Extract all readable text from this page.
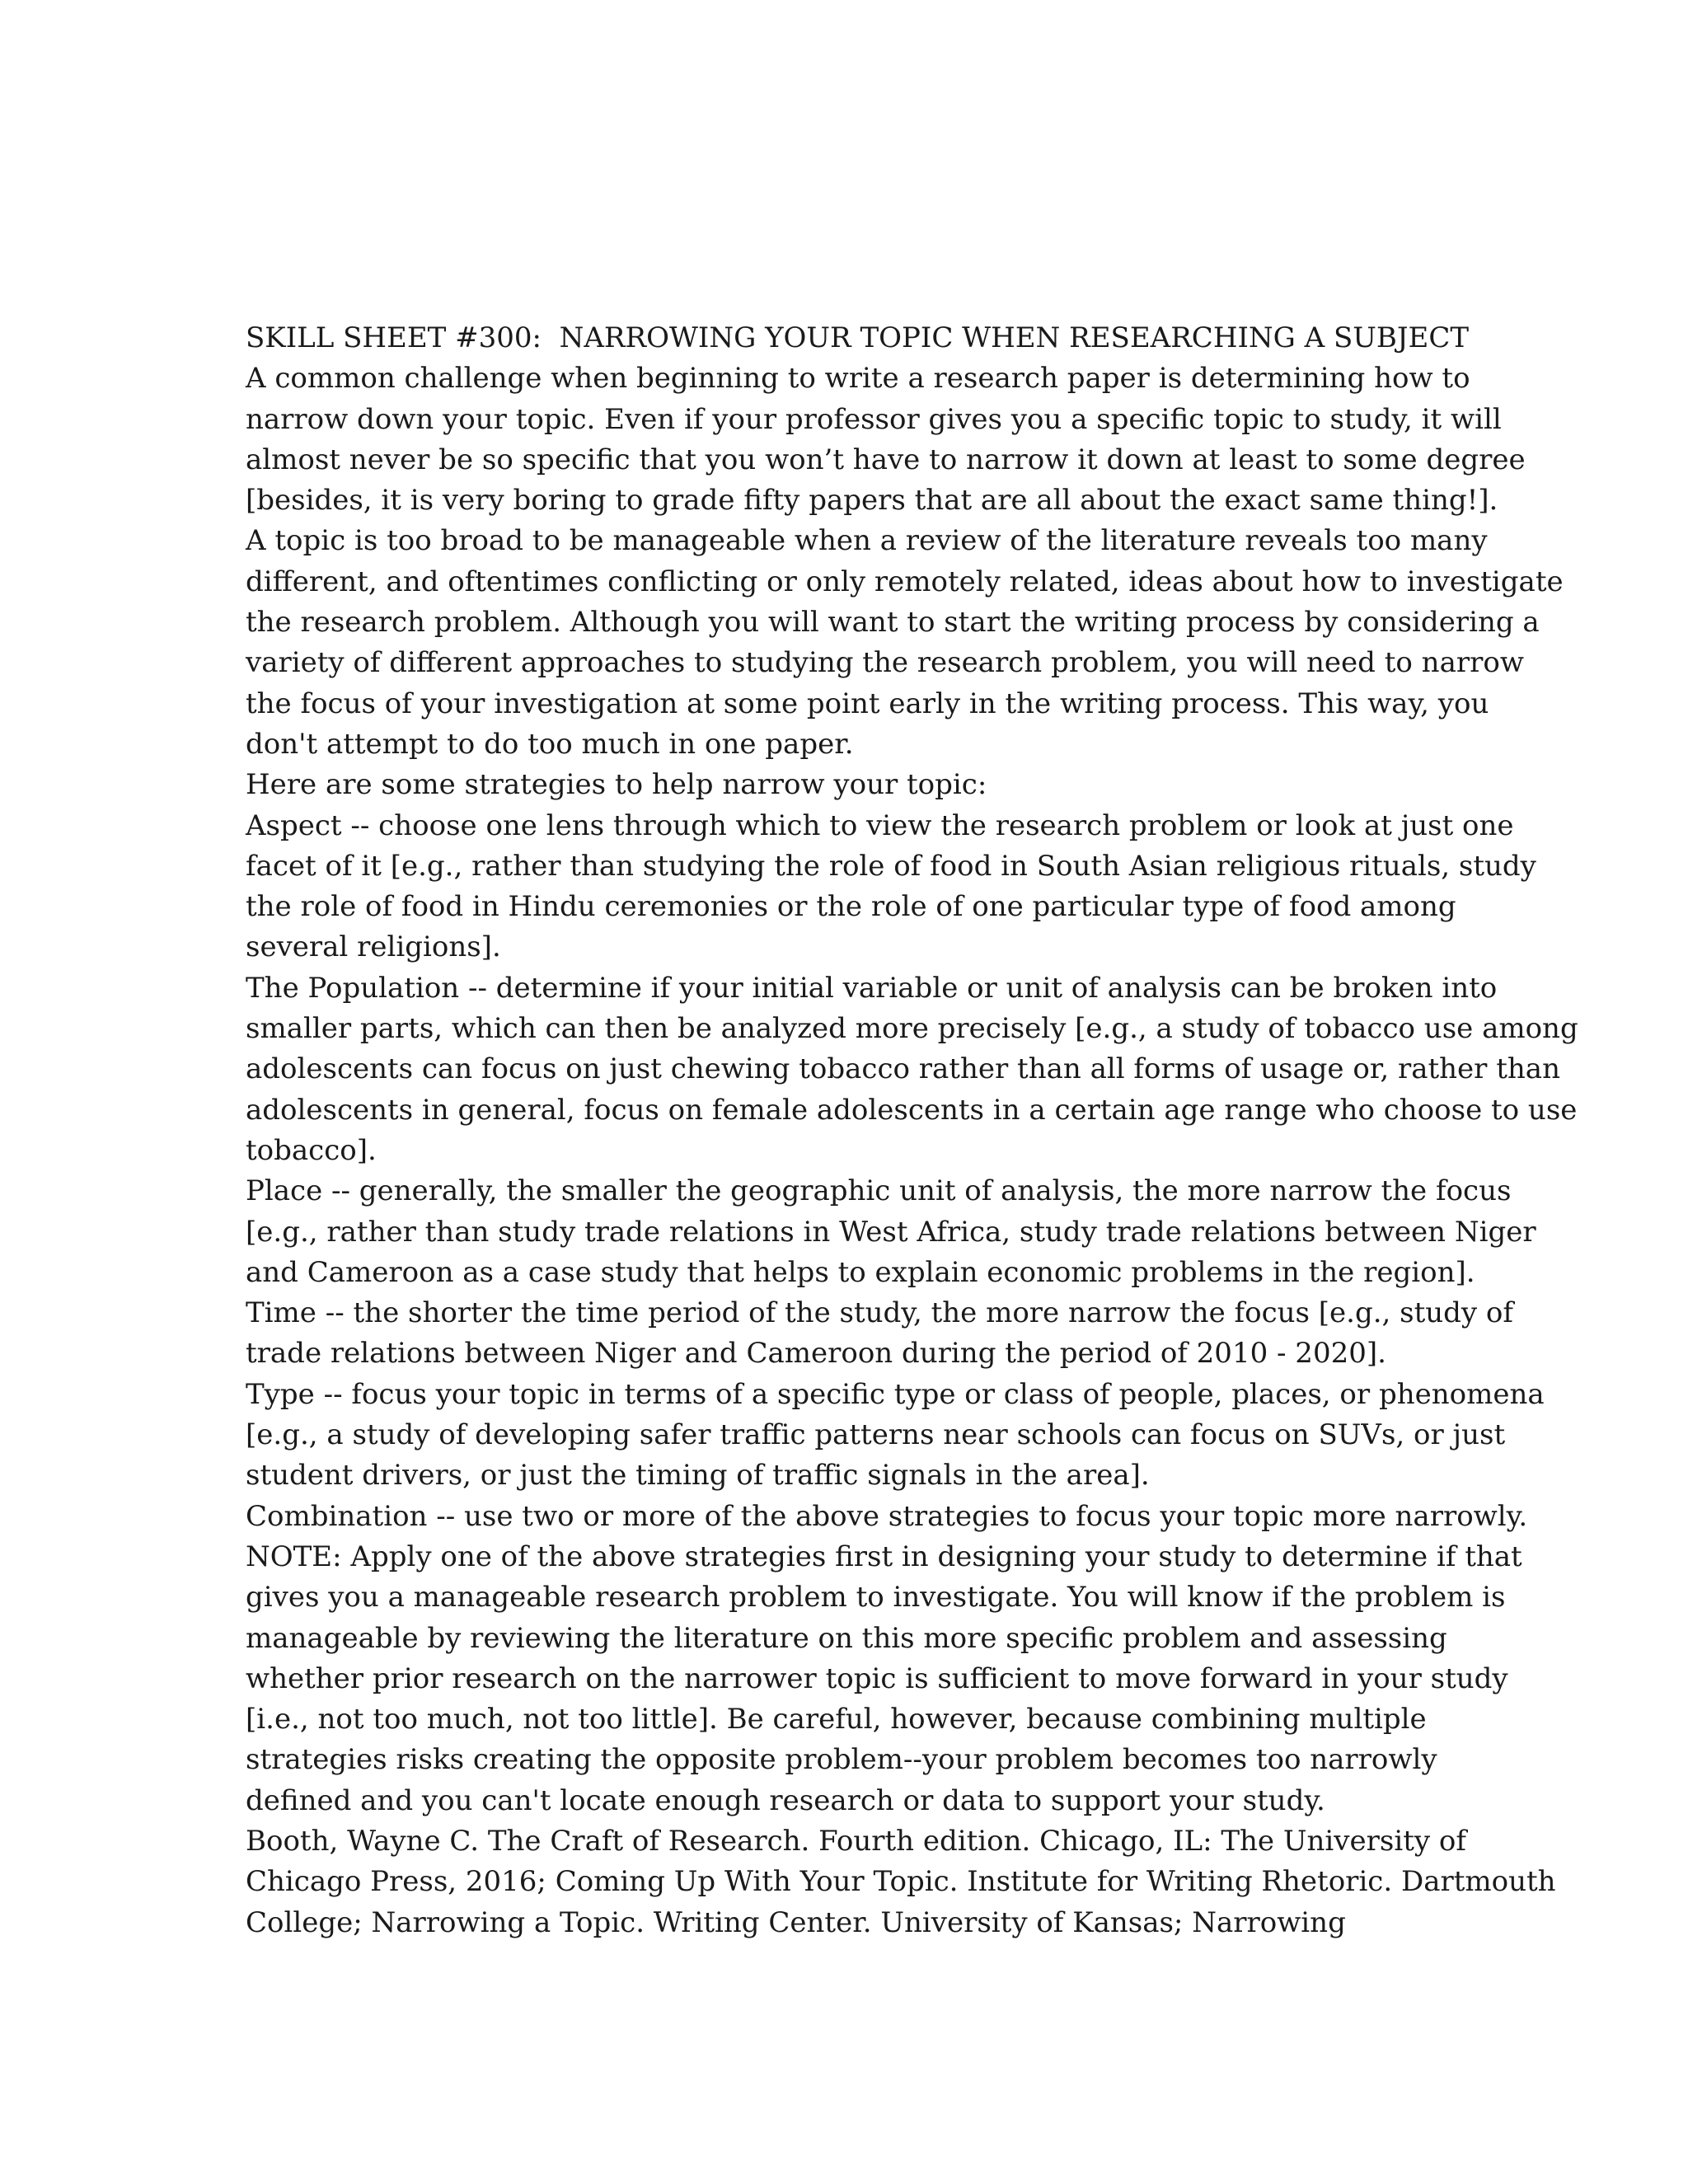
SKILL SHEET #300:  NARROWING YOUR TOPIC WHEN RESEARCHING A SUBJECT
A common challenge when beginning to write a research paper is determining how to
narrow down your topic. Even if your professor gives you a specific topic to study, it will
almost never be so specific that you won’t have to narrow it down at least to some degree
[besides, it is very boring to grade fifty papers that are all about the exact same thing!].
A topic is too broad to be manageable when a review of the literature reveals too many
different, and oftentimes conflicting or only remotely related, ideas about how to investigate
the research problem. Although you will want to start the writing process by considering a
variety of different approaches to studying the research problem, you will need to narrow
the focus of your investigation at some point early in the writing process. This way, you
don't attempt to do too much in one paper.
Here are some strategies to help narrow your topic:
Aspect -- choose one lens through which to view the research problem or look at just one
facet of it [e.g., rather than studying the role of food in South Asian religious rituals, study
the role of food in Hindu ceremonies or the role of one particular type of food among
several religions].
The Population -- determine if your initial variable or unit of analysis can be broken into
smaller parts, which can then be analyzed more precisely [e.g., a study of tobacco use among
adolescents can focus on just chewing tobacco rather than all forms of usage or, rather than
adolescents in general, focus on female adolescents in a certain age range who choose to use
tobacco].
Place -- generally, the smaller the geographic unit of analysis, the more narrow the focus
[e.g., rather than study trade relations in West Africa, study trade relations between Niger
and Cameroon as a case study that helps to explain economic problems in the region].
Time -- the shorter the time period of the study, the more narrow the focus [e.g., study of
trade relations between Niger and Cameroon during the period of 2010 - 2020].
Type -- focus your topic in terms of a specific type or class of people, places, or phenomena
[e.g., a study of developing safer traffic patterns near schools can focus on SUVs, or just
student drivers, or just the timing of traffic signals in the area].
Combination -- use two or more of the above strategies to focus your topic more narrowly.
NOTE: Apply one of the above strategies first in designing your study to determine if that
gives you a manageable research problem to investigate. You will know if the problem is
manageable by reviewing the literature on this more specific problem and assessing
whether prior research on the narrower topic is sufficient to move forward in your study
[i.e., not too much, not too little]. Be careful, however, because combining multiple
strategies risks creating the opposite problem--your problem becomes too narrowly
defined and you can't locate enough research or data to support your study.
Booth, Wayne C. The Craft of Research. Fourth edition. Chicago, IL: The University of
Chicago Press, 2016; Coming Up With Your Topic. Institute for Writing Rhetoric. Dartmouth
College; Narrowing a Topic. Writing Center. University of Kansas; Narrowing
